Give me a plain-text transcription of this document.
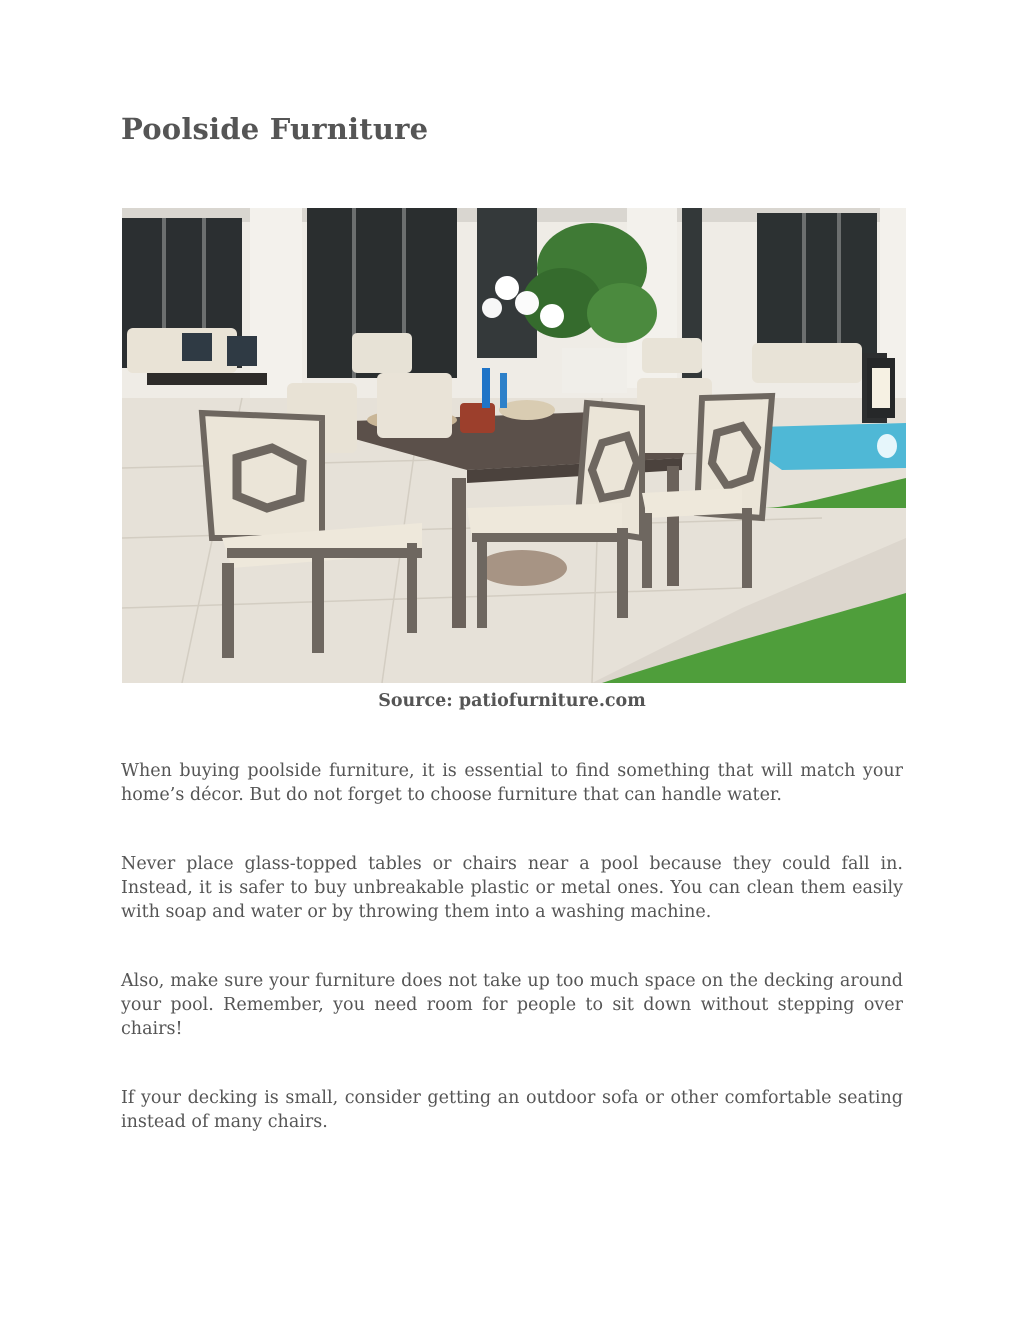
Poolside Furniture
Source: patiofurniture.com

When buying poolside furniture, it is essential to find something that will match your home’s décor. But do not forget to choose furniture that can handle water.

Never place glass-topped tables or chairs near a pool because they could fall in. Instead, it is safer to buy unbreakable plastic or metal ones. You can clean them easily with soap and water or by throwing them into a washing machine.

Also, make sure your furniture does not take up too much space on the decking around your pool. Remember, you need room for people to sit down without stepping over chairs!

If your decking is small, consider getting an outdoor sofa or other comfortable seating instead of many chairs.
